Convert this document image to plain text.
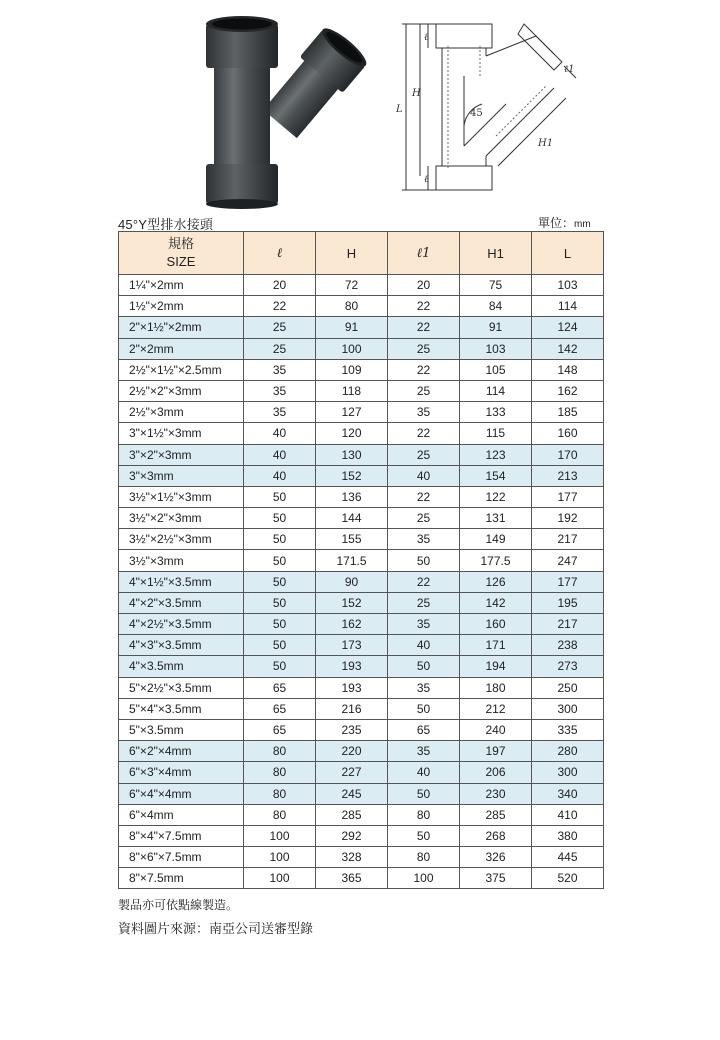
L
H
ℓ
ℓ
H1
ℓ1
45
45°Y型排水接頭	單位：mm
規格
SIZE	ℓ	H	ℓ1	H1	L
1¼"×2mm	20	72	20	75	103
1½"×2mm	22	80	22	84	114
2"×1½"×2mm	25	91	22	91	124
2"×2mm	25	100	25	103	142
2½"×1½"×2.5mm	35	109	22	105	148
2½"×2"×3mm	35	118	25	114	162
2½"×3mm	35	127	35	133	185
3"×1½"×3mm	40	120	22	115	160
3"×2"×3mm	40	130	25	123	170
3"×3mm	40	152	40	154	213
3½"×1½"×3mm	50	136	22	122	177
3½"×2"×3mm	50	144	25	131	192
3½"×2½"×3mm	50	155	35	149	217
3½"×3mm	50	171.5	50	177.5	247
4"×1½"×3.5mm	50	90	22	126	177
4"×2"×3.5mm	50	152	25	142	195
4"×2½"×3.5mm	50	162	35	160	217
4"×3"×3.5mm	50	173	40	171	238
4"×3.5mm	50	193	50	194	273
5"×2½"×3.5mm	65	193	35	180	250
5"×4"×3.5mm	65	216	50	212	300
5"×3.5mm	65	235	65	240	335
6"×2"×4mm	80	220	35	197	280
6"×3"×4mm	80	227	40	206	300
6"×4"×4mm	80	245	50	230	340
6"×4mm	80	285	80	285	410
8"×4"×7.5mm	100	292	50	268	380
8"×6"×7.5mm	100	328	80	326	445
8"×7.5mm	100	365	100	375	520
製品亦可依點線製造。
資料圖片來源：南亞公司送審型錄
